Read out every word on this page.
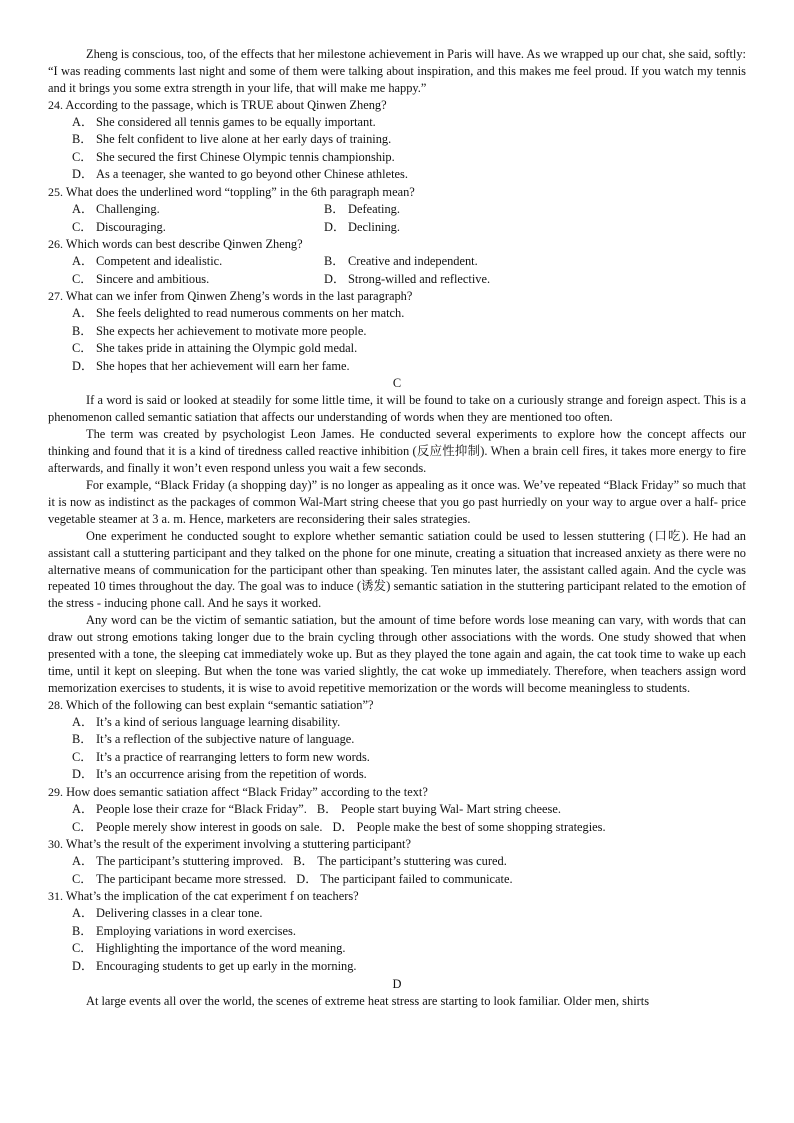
Zheng is conscious, too, of the effects that her milestone achievement in Paris will have. As we wrapped up our chat, she said, softly: “I was reading comments last night and some of them were talking about inspiration, and this makes me feel proud. If you watch my tennis and it brings you some extra strength in your life, that will make me happy.”

24. According to the passage, which is TRUE about Qinwen Zheng?

A． She considered all tennis games to be equally important.

B． She felt confident to live alone at her early days of training.

C． She secured the first Chinese Olympic tennis championship.

D． As a teenager, she wanted to go beyond other Chinese athletes.

25. What does the underlined word “toppling” in the 6th paragraph mean?

A． Challenging.	B． Defeating.
C． Discouraging.	D． Declining.

26. Which words can best describe Qinwen Zheng?

A． Competent and idealistic.	B． Creative and independent.
C． Sincere and ambitious.	D． Strong-willed and reflective.

27. What can we infer from Qinwen Zheng’s words in the last paragraph?

A． She feels delighted to read numerous comments on her match.

B． She expects her achievement to motivate more people.

C． She takes pride in attaining the Olympic gold medal.

D． She hopes that her achievement will earn her fame.

C

If a word is said or looked at steadily for some little time, it will be found to take on a curiously strange and foreign aspect. This is a phenomenon called semantic satiation that affects our understanding of words when they are mentioned too often.

The term was created by psychologist Leon James. He conducted several experiments to explore how the concept affects our thinking and found that it is a kind of tiredness called reactive inhibition (反应性抑制). When a brain cell fires, it takes more energy to fire afterwards, and finally it won’t even respond unless you wait a few seconds.

For example, “Black Friday (a shopping day)” is no longer as appealing as it once was. We’ve repeated “Black Friday” so much that it is now as indistinct as the packages of common Wal-Mart string cheese that you go past hurriedly on your way to argue over a half- price vegetable steamer at 3 a. m. Hence, marketers are reconsidering their sales strategies.

One experiment he conducted sought to explore whether semantic satiation could be used to lessen stuttering (口吃). He had an assistant call a stuttering participant and they talked on the phone for one minute, creating a situation that increased anxiety as there were no alternative means of communication for the participant other than speaking. Ten minutes later, the assistant called again. And the cycle was repeated 10 times throughout the day. The goal was to induce (诱发) semantic satiation in the stuttering participant related to the emotion of the stress - inducing phone call. And he says it worked.

Any word can be the victim of semantic satiation, but the amount of time before words lose meaning can vary, with words that can draw out strong emotions taking longer due to the brain cycling through other associations with the words. One study showed that when presented with a tone, the sleeping cat immediately woke up. But as they played the tone again and again, the cat took time to wake up each time, until it kept on sleeping. But when the tone was varied slightly, the cat woke up immediately. Therefore, when teachers assign word memorization exercises to students, it is wise to avoid repetitive memorization or the words will become meaningless to students.

28. Which of the following can best explain “semantic satiation”?

A． It’s a kind of serious language learning disability.

B． It’s a reflection of the subjective nature of language.

C． It’s a practice of rearranging letters to form new words.

D． It’s an occurrence arising from the repetition of words.

29. How does semantic satiation affect “Black Friday” according to the text?

A． People lose their craze for “Black Friday”. B． People start buying Wal- Mart string cheese.
C． People merely show interest in goods on sale. D． People make the best of some shopping strategies.

30. What’s the result of the experiment involving a stuttering participant?

A． The participant’s stuttering improved. B． The participant’s stuttering was cured.
C． The participant became more stressed. D． The participant failed to communicate.

31. What’s the implication of the cat experiment f on teachers?

A． Delivering classes in a clear tone.

B． Employing variations in word exercises.

C． Highlighting the importance of the word meaning.

D． Encouraging students to get up early in the morning.

D

At large events all over the world, the scenes of extreme heat stress are starting to look familiar. Older men, shirts
